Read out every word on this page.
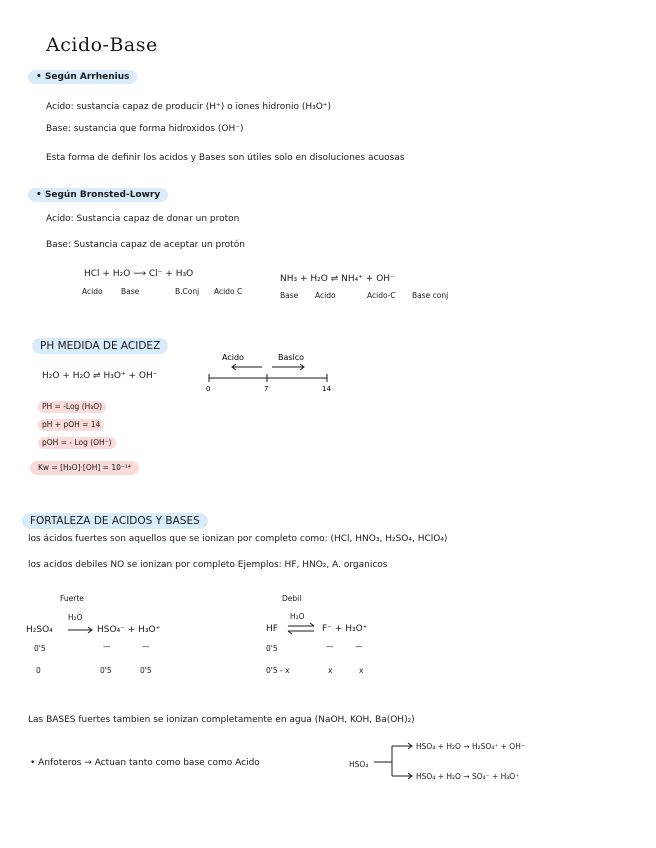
Acido-Base
• Según Arrhenius
Acido: sustancia capaz de producir (H⁺) o iones hidronio (H₃O⁺)
Base: sustancia que forma hidroxidos (OH⁻)
Esta forma de definir los acidos y Bases son útiles solo en disoluciones acuosas
• Según Bronsted-Lowry
Acido: Sustancia capaz de donar un proton
Base: Sustancia capaz de aceptar un protón
HCl + H₂O ⟶ Cl⁻ + H₃O
Acido Base	B.Conj Acido C
NH₃ + H₂O ⇌ NH₄⁺ + OH⁻
Base Acido	Acido-C Base conj
PH MEDIDA DE ACIDEZ
H₂O + H₂O ⇌ H₃O⁺ + OH⁻
Acido	Basico
0	7	14
PH = -Log (H₃O)
pH + pOH = 14
pOH = - Log (OH⁻)
Kw = [H₃O]·[OH] = 10⁻¹⁴
FORTALEZA DE ACIDOS Y BASES
los ácidos fuertes son aquellos que se ionizan por completo como: (HCl, HNO₃, H₂SO₄, HClO₄)
los acidos debiles NO se ionizan por completo Ejemplos: HF, HNO₂, A. organicos
Fuerte
H₂O
H₂SO₄	HSO₄⁻ + H₃O⁺
0'5	—	—
0	0'5	0'5
Debil
H₂O
HF	F⁻ + H₃O⁺
0'5	—	—
0'5 - x	x	x
Las BASES fuertes tambien se ionizan completamente en agua (NaOH, KOH, Ba(OH)₂)
• Anfoteros → Actuan tanto como base como Acido	HSO₄
HSO₄ + H₂O → H₂SO₄⁺ + OH⁻
HSO₄ + H₂O → SO₄⁻ + H₃O⁺
